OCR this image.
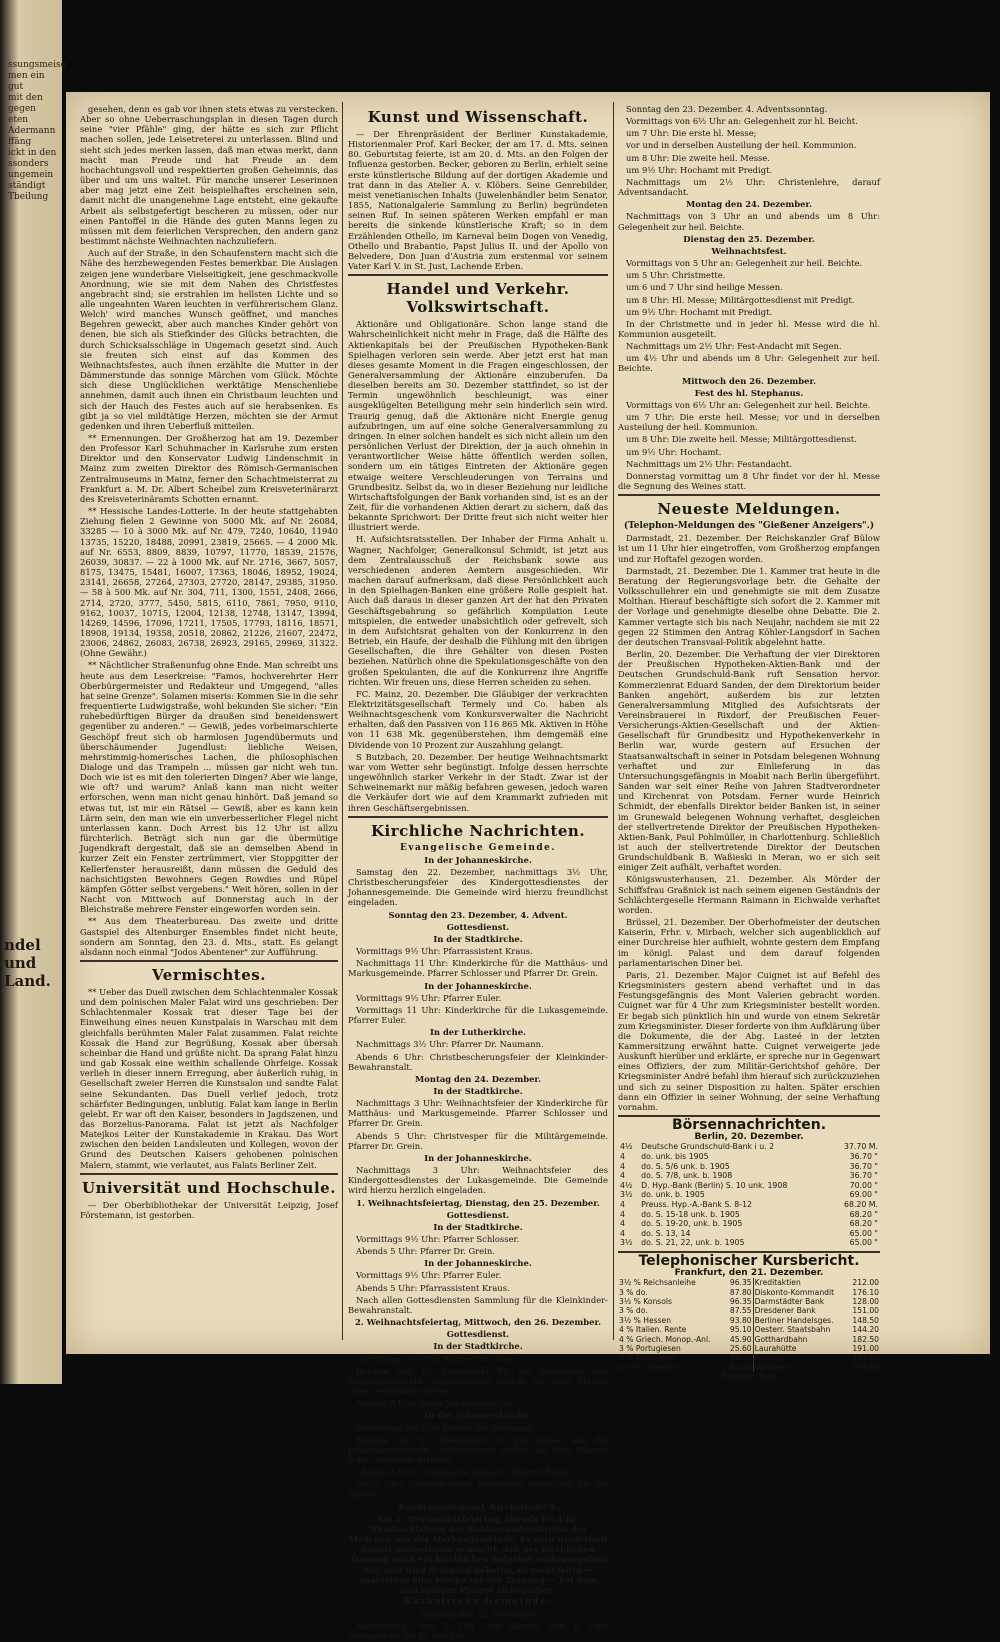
ssungsmeise
men ein
gut
mit den
gegen
eten
Adermann
ffäng
ickt in den
ssonders
ungemein
ständigt
Tbeilung
ndel und Land.

gesehen, denn es gab vor ihnen stets etwas zu verstecken. Aber so ohne Ueberraschungsplan in diesen Tagen durch seine "vier Pfähle" ging, der hätte es sich zur Pflicht machen sollen, jede Leisetreterei zu unterlassen. Blind und sieht sich jedes merken lassen, daß man etwas merkt, dann macht man Freude und hat Freude an dem hochachtungsvoll und respektierten großen Geheimnis, das über und um uns waltet. Für manche unserer Leserinnen aber mag jetzt eine Zeit beispielhaftes erscheinen sein, damit nicht die unangenehme Lage entsteht, eine gekaufte Arbeit als selbstgefertigt bescheren zu müssen, oder nur einen Pantoffel in die Hände des guten Manns legen zu müssen mit dem feierlichen Versprechen, den andern ganz bestimmt nächste Weihnachten nachzuliefern.

Auch auf der Straße, in den Schaufenstern macht sich die Nähe des herzbewegenden Festes bemerkbar. Die Auslagen zeigen jene wunderbare Vielseitigkeit, jene geschmackvolle Anordnung, wie sie mit dem Nahen des Christfestes angebracht sind; sie erstrahlen im hellsten Lichte und so alle ungeahnten Waren leuchten in verführerischem Glanz. Welch' wird manches Wunsch geöffnet, und manches Begehren geweckt, aber auch manches Kinder gehört von denen, bie sich als Stiefkinder des Glücks betrachten, die durch Schicksalsschläge in Ungemach gesetzt sind. Auch sie freuten sich einst auf das Kommen des Weihnachtsfestes, auch ihnen erzählte die Mutter in der Dämmerstunde das sonnige Märchen vom Glück. Möchte sich diese Unglücklichen werktätige Menschenliebe annehmen, damit auch ihnen ein Christbaum leuchten und sich der Hauch des Festes auch auf sie herabsenken. Es gibt ja so viel mildtätige Herzen, möchten sie der Armut gedenken und ihren Ueberfluß mitteilen.

** Ernennungen. Der Großherzog hat am 19. Dezember den Professor Karl Schuhmacher in Karlsruhe zum ersten Direktor und den Konservator Ludwig Lindenschmit in Mainz zum zweiten Direktor des Römisch-Germanischen Zentralmuseums in Mainz, ferner den Schachtmeisterrat zu Frankfurt a. M. Dr. Albert Scheibel zum Kreisveterinärarzt des Kreisveterinäramts Schotten ernannt.

** Hessische Landes-Lotterie. In der heute stattgehabten Ziehung fielen 2 Gewinne von 5000 Mk. auf Nr. 26084, 33285 — 10 à 3000 Mk. auf Nr. 479, 7240, 10640, 11940 13735, 15220, 18488, 20991, 23819, 25665. — 4 2000 Mk. auf Nr. 6553, 8809, 8839, 10797, 11770, 18539, 21576, 26039, 30837. — 22 à 1000 Mk. auf Nr. 2716, 3667, 5057, 8175, 13475, 15481, 16007, 17363, 18046, 18952, 19024, 23141, 26658, 27264, 27303, 27720, 28147, 29385, 31950. — 58 à 500 Mk. auf Nr. 304, 711, 1300, 1551, 2408, 2666, 2714, 2720, 3777, 5450, 5815, 6110, 7861, 7950, 9110, 9162, 10037, 10715, 12004, 12138, 12748, 13147, 13994, 14269, 14596, 17096, 17211, 17505, 17793, 18116, 18571, 18908, 19134, 19358, 20518, 20862, 21226, 21607, 22472, 23006, 24862, 26083, 26738, 26923, 29165, 29969, 31322. (Ohne Gewähr.)

** Nächtlicher Straßenunfug ohne Ende. Man schreibt uns heute aus dem Leserkreise: "Famos, hochverehrter Herr Oberbürgermeister und Redakteur und Umgegend, "alles hat seine Grenze". Solamen miseris: Kommen Sie in die sehr frequentierte Ludwigstraße, wohl bekunden Sie sicher: "Ein ruhebedürftigen Bürger da draußen sind beneidenswert gegenüber zu anderen." — Gewiß, jedes vorbeimarschierte Geschöpf freut sich ob harmlosen Jugendübermuts und überschäumender Jugendlust: liebliche Weisen, mehrstimmig-homerisches Lachen, die philosophischen Dialoge und das Trampeln ... müssen gar nicht weh tun. Doch wie ist es mit den tolerierten Dingen? Aber wie lange, wie oft? und warum? Anlaß kann man nicht weiter erforschen, wenn man nicht genau hinhört. Daß jemand so etwas tut, ist mir ein Rätsel — Gewiß, aber es kann kein Lärm sein, den man wie ein unverbesserlicher Flegel nicht unterlassen kann. Doch Arrest bis 12 Uhr ist allzu fürchterlich. Beträgt sich nun gar die übermütige Jugendkraft dergestalt, daß sie an demselben Abend in kurzer Zeit ein Fenster zertrümmert, vier Stoppgitter der Kellerfenster herausreißt, dann müssen die Geduld des nachsichtigsten Bewohners Gegen Rowdies und Rüpel kämpfen Götter selbst vergebens." Weit hören, sollen in der Nacht von Mittwoch auf Donnerstag auch in der Bleichstraße mehrere Fenster eingeworfen worden sein.

** Aus dem Theaterbureau. Das zweite und dritte Gastspiel des Altenburger Ensembles findet nicht heute, sondern am Sonntag, den 23. d. Mts., statt. Es gelangt alsdann noch einmal "Jodos Abentener" zur Aufführung.

Vermischtes.

** Ueber das Duell zwischen dem Schlachtenmaler Kossak und dem polnischen Maler Falat wird uns geschrieben: Der Schlachtenmaler Kossak trat dieser Tage bei der Einweihung eines neuen Kunstpalais in Warschau mit dem gleichfalls berühmten Maler Falat zusammen. Falat reichte Kossak die Hand zur Begrüßung, Kossak aber übersah scheinbar die Hand und grüßte nicht. Da sprang Falat hinzu und gab Kossak eine weithin schallende Ohrfeige. Kossak verlieh in dieser innern Erregung, aber äußerlich ruhig, in Gesellschaft zweier Herren die Kunstsalon und sandte Falat seine Sekundanten. Das Duell verlief jedoch, trotz schärfster Bedingungen, unblutig. Falat kam lange in Berlin gelebt. Er war oft den Kaiser, besonders in Jagdszenen, und das Borzelius-Panorama. Falat ist jetzt als Nachfolger Matejkos Leiter der Kunstakademie in Krakau. Das Wort zwischen den beiden Landsleuten und Kollegen, wovon der Grund des Deutschen Kaisers gehobenen polnischen Malern, stammt, wie verlautet, aus Falats Berliner Zeit.

Universität und Hochschule.

— Der Oberbibliothekar der Universität Leipzig, Josef Förstemann, ist gestorben.

Kunst und Wissenschaft.

— Der Ehrenpräsident der Berliner Kunstakademie, Historienmaler Prof. Karl Becker, der am 17. d. Mts. seinen 80. Geburtstag feierte, ist am 20. d. Mts. an den Folgen der Influenza gestorben. Becker, geboren zu Berlin, erhielt seine erste künstlerische Bildung auf der dortigen Akademie und trat dann in das Atelier A. v. Klöbers. Seine Genrebilder, meist venetianischen Inhalts (Juwelenhändler beim Senator, 1855, Nationalgalerie Sammlung zu Berlin) begründeten seinen Ruf. In seinen späteren Werken empfahl er man bereits die sinkende künstlerische Kraft; so in dem Erzählenden Othello, im Karneval beim Dogen von Venedig, Othello und Brabantio, Papst Julius II. und der Apollo von Belvedere, Don Juan d'Austria zum erstenmal vor seinem Vater Karl V. in St. Just, Lachende Erben.

Handel und Verkehr. Volkswirtschaft.

Aktionäre und Obligationäre. Schon lange stand die Wahrscheinlichkeit nicht mehr in Frage, daß die Hälfte des Aktienkapitals bei der Preußischen Hypotheken-Bank Spielhagen verloren sein werde. Aber jetzt erst hat man dieses gesamte Moment in die Fragen eingeschlossen, der Generalversammlung der Aktionäre einzuberufen. Da dieselben bereits am 30. Dezember stattfindet, so ist der Termin ungewöhnlich beschleunigt, was einer ausgeklügelten Beteiligung mehr sein hinderlich sein wird. Traurig genug, daß die Aktionäre nicht Energie genug aufzubringen, um auf eine solche Generalversammlung zu dringen. In einer solchen handelt es sich nicht allein um den persönlichen Verlust der Direktion, der ja auch ohnehin in verantwortlicher Weise hätte öffentlich werden sollen, sondern um ein tätiges Eintreten der Aktionäre gegen etwaige weitere Verschleuderungen von Terrains und Grundbesitz. Selbst da, wo in dieser Beziehung nur leidliche Wirtschaftsfolgungen der Bank vorhanden sind, ist es an der Zeit, für die vorhandenen Aktien derart zu sichern, daß das bekannte Sprichwort: Der Dritte freut sich nicht weiter hier illustriert werde.

H. Aufsichtsratsstellen. Der Inhaber der Firma Anhalt u. Wagner, Nachfolger, Generalkonsul Schmidt, ist jetzt aus dem Zentralausschuß der Reichsbank sowie aus verschiedenen anderen Aemtern ausgeschieden. Wir machen darauf aufmerksam, daß diese Persönlichkeit auch in den Spielhagen-Banken eine größere Rolle gespielt hat. Auch daß daraus in dieser ganzen Art der hat den Privaten Geschäftsgebahrung so gefährlich Kompilation Leute mitspielen, die entweder unabsichtlich oder gefrevelt, sich in dem Aufsichtsrat gehalten von der Konkurrenz in den Betrieb, ein Haufe, der deshalb die Fühlung mit den übrigen Gesellschaften, die ihre Gehälter von diesen Posten beziehen. Natürlich ohne die Spekulationsgeschäfte von den großen Spekulanten, die auf die Konkurrenz ihre Angriffe richten. Wir freuen uns, diese Herren scheiden zu sehen.

FC. Mainz, 20. Dezember. Die Gläubiger der verkrachten Elektrizitätsgesellschaft Termely und Co. haben als Weihnachtsgeschenk vom Konkursverwalter die Nachricht erhalten, daß den Passiven von 116 865 Mk. Aktiven in Höhe von 11 638 Mk. gegenüberstehen, ihm demgemäß eine Dividende von 10 Prozent zur Auszahlung gelangt.

S Butzbach, 20. Dezember. Der heutige Weihnachtsmarkt war vom Wetter sehr begünstigt. Infolge dessen herrschte ungewöhnlich starker Verkehr in der Stadt. Zwar ist der Schweinemarkt nur mäßig befahren gewesen, jedoch waren die Verkäufer dort wie auf dem Krammarkt zufrieden mit ihren Geschäftsergebnissen.

Kirchliche Nachrichten.
Evangelische Gemeinde.

In der Johanneskirche.

Samstag den 22. Dezember, nachmittags 3½ Uhr, Christbescherungsfeier des Kindergottesdienstes der Johannesgemeinde. Die Gemeinde wird hierzu freundlichst eingeladen.

Sonntag den 23. Dezember, 4. Advent.

Gottesdienst.

In der Stadtkirche.

Vormittags 9½ Uhr: Pfarrassistent Kraus.

Nachmittags 11 Uhr: Kinderkirche für die Matthäus- und Markusgemeinde. Pfarrer Schlosser und Pfarrer Dr. Grein.

In der Johanneskirche.

Vormittags 9½ Uhr: Pfarrer Euler.

Vormittags 11 Uhr: Kinderkirche für die Lukasgemeinde. Pfarrer Euler.

In der Lutherkirche.

Nachmittags 3½ Uhr: Pfarrer Dr. Naumann.

Abends 6 Uhr: Christbescherungsfeier der Kleinkinder-Bewahranstalt.

Montag den 24. Dezember.

In der Stadtkirche.

Nachmittags 3 Uhr: Weihnachtsfeier der Kinderkirche für Matthäus- und Markusgemeinde. Pfarrer Schlosser und Pfarrer Dr. Grein.

Abends 5 Uhr: Christvesper für die Militärgemeinde. Pfarrer Dr. Grein.

In der Johanneskirche.

Nachmittags 3 Uhr: Weihnachtsfeier des Kindergottesdienstes der Lukasgemeinde. Die Gemeinde wird hierzu herzlich eingeladen.

1. Weihnachtsfeiertag, Dienstag, den 25. Dezember.

Gottesdienst.

In der Stadtkirche.

Vormittags 9½ Uhr: Pfarrer Schlosser.

Abends 5 Uhr: Pfarrer Dr. Grein.

In der Johanneskirche.

Vormittags 9½ Uhr: Pfarrer Euler.

Abends 5 Uhr: Pfarrassistent Kraus.

Nach allen Gottesdiensten Sammlung für die Kleinkinder-Bewahranstalt.

2. Weihnachtsfeiertag, Mittwoch, den 26. Dezember.

Gottesdienst.

In der Stadtkirche.

Vormittags 9½ Uhr: Pfarrer Dr. Grein.

Beichte und hl. Abendmahl für die Matthäus- und Markusgemeinde. Anmeldungen vorher bei dem Pfarrer jeder Gemeinde erbeten.

Abends 5 Uhr: Siehe Johanneskirche.

In der Johanneskirche.

Vormittags 9½ Uhr: Pfarrer Dr. Naumann.

Beichte und hl. Abendmahl für die Lukas- und die Johannesgemeinde. Anmeldungen vorher bei dem Pfarrer jeder Gemeinde erbeten.

Abends 5 Uhr: Liturgische Andacht. Pfarrer Euler.

Nach allen Gottesdiensten besondere Sammlung für die Armen.

Konfirmandensaal, Kirchstraße 9.

Am 2. Weihnachtsfeiertag, abends 6½ Uhr, Weihnachtsfeier des Konfirmandenvereins der Mädchen aus der Markusgemeinde. Es wird wiederholt darauf aufmerksam gemacht, daß der kirchlichen Trauung auch ein kirchliches Aufgebot vorherzugehen hat, und wird dringend gebeten, es rechtzeitig — spätestens eine Woche vor der Trauung — bei dem zuständigen Pfarrer zu bestellen.

Katholische Gemeinde.

Samstag den 22. Dezember

Nachmittags von 3 Uhr und abends von 8 Uhr: Gelegenheit zur hl. Beichte.

Sonntag den 23. Dezember. 4. Adventssonntag.

Vormittags von 6½ Uhr an: Gelegenheit zur hl. Beicht.

um 7 Uhr: Die erste hl. Messe;

vor und in derselben Austeilung der heil. Kommunion.

um 8 Uhr: Die zweite heil. Messe.

um 9½ Uhr: Hochamt mit Predigt.

Nachmittags um 2½ Uhr: Christenlehre, darauf Adventsandacht.

Montag den 24. Dezember.

Nachmittags von 3 Uhr an und abends um 8 Uhr: Gelegenheit zur heil. Beichte.

Dienstag den 25. Dezember.

Weihnachtsfest.

Vormittags von 5 Uhr an: Gelegenheit zur heil. Beichte.

um 5 Uhr: Christmette.

um 6 und 7 Uhr sind heilige Messen.

um 8 Uhr: Hl. Messe; Militärgottesdienst mit Predigt.

um 9½ Uhr: Hochamt mit Predigt.

In der Christmette und in jeder hl. Messe wird die hl. Kommunion ausgeteilt.

Nachmittags um 2½ Uhr: Fest-Andacht mit Segen.

um 4½ Uhr und abends um 8 Uhr: Gelegenheit zur heil. Beichte.

Mittwoch den 26. Dezember.

Fest des hl. Stephanus.

Vormittags von 6½ Uhr an: Gelegenheit zur heil. Beichte.

um 7 Uhr: Die erste heil. Messe; vor und in derselben Austeilung der heil. Kommunion.

um 8 Uhr: Die zweite heil. Messe; Militärgottesdienst.

um 9½ Uhr: Hochamt.

Nachmittags um 2½ Uhr: Festandacht.

Donnerstag vormittag um 8 Uhr findet vor der hl. Messe die Segnung des Weines statt.

Neueste Meldungen.
(Telephon-Meldungen des "Gießener Anzeigers".)

Darmstadt, 21. Dezember. Der Reichskanzler Graf Bülow ist um 11 Uhr hier eingetroffen, vom Großherzog empfangen und zur Hoftafel gezogen worden.

Darmstadt, 21. Dezember. Die 1. Kammer trat heute in die Beratung der Regierungsvorlage betr. die Gehalte der Volksschullehrer ein und genehmigte sie mit dem Zusatze Molthan. Hierauf beschäftigte sich sofort die 2. Kammer mit der Vorlage und genehmigte dieselbe ohne Debatte. Die 2. Kammer vertagte sich bis nach Neujahr, nachdem sie mit 22 gegen 22 Stimmen den Antrag Köhler-Langsdorf in Sachen der deutschen Transvaal-Politik abgelehnt hatte.

Berlin, 20. Dezember. Die Verhaftung der vier Direktoren der Preußischen Hypotheken-Aktien-Bank und der Deutschen Grundschuld-Bank ruft Sensation hervor. Kommerzienrat Eduard Sanden, der dem Direktorium beider Banken angehört, außerdem bis zur letzten Generalversammlung Mitglied des Aufsichtsrats der Vereinsbrauerei in Rixdorf, der Preußischen Feuer-Versicherungs-Aktien-Gesellschaft und der Aktien-Gesellschaft für Grundbesitz und Hypothekenverkehr in Berlin war, wurde gestern auf Ersuchen der Staatsanwaltschaft in seiner in Potsdam belegenen Wohnung verhaftet und zur Einlieferung in das Untersuchungsgefängnis in Moabit nach Berlin übergeführt. Sanden war seit einer Reihe von Jahren Stadtverordneter und Kirchenrat von Potsdam. Ferner wurde Heinrich Schmidt, der ebenfalls Direktor beider Banken ist, in seiner im Grunewald belegenen Wohnung verhaftet, desgleichen der stellvertretende Direktor der Preußischen Hypotheken-Aktien-Bank, Paul Pohlmüller, in Charlottenburg. Schließlich ist auch der stellvertretende Direktor der Deutschen Grundschuldbank B. Waßieski in Meran, wo er sich seit einiger Zeit aufhält, verhaftet worden.

Königswusterhausen, 21. Dezember. Als Mörder der Schiffsfrau Graßnick ist nach seinem eigenen Geständnis der Schlächtergeselle Hermann Raimann in Eichwalde verhaftet worden.

Brüssel, 21. Dezember. Der Oberhofmeister der deutschen Kaiserin, Frhr. v. Mirbach, welcher sich augenblicklich auf einer Durchreise hier aufhielt, wohnte gestern dem Empfang im königl. Palast und dem darauf folgenden parlamentarischen Diner bei.

Paris, 21. Dezember. Major Cuignet ist auf Befehl des Kriegsministers gestern abend verhaftet und in das Festungsgefängnis des Mont Valerien gebracht worden. Cuignet war für 4 Uhr zum Kriegsminister bestellt worden. Er begab sich pünktlich hin und wurde von einem Sekretär zum Kriegsminister. Dieser forderte von ihm Aufklärung über die Dokumente, die der Abg. Lasteé in der letzten Kammersitzung erwähnt hatte. Cuignet verweigerte jede Auskunft hierüber und erklärte, er spreche nur in Gegenwart eines Offiziers, der zum Militär-Gerichtshof gehöre. Der Kriegsminister André befahl ihm hierauf sich zurückzuziehen und sich zu seiner Disposition zu halten. Später erschien dann ein Offizier in seiner Wohnung, der seine Verhaftung vornahm.

Börsennachrichten.
Berlin, 20. Dezember.
4½	Deutsche Grundschuld-Bank i u. 2	37.70 M.
4	do. unk. bis 1905	36.70 "
4	do. S. 5/6 unk. b. 1905	36.70 "
4	do. S. 7/8, unk. b. 1908	36.70 "
4½	D. Hyp.-Bank (Berlin) S. 10 unk. 1908	70.00 "
3½	do. unk. b. 1905	69.00 "
4	Preuss. Hyp.-A.-Bank S. 8-12	68.20 M.
4	do. S. 15-18 unk. b. 1905	68.20 "
4	do. S. 19-20, unk. b. 1905	68.20 "
4	do. S. 13, 14	65.00 "
3½	do. S. 21, 22, unk. b. 1905	65.00 "
Telephonischer Kursbericht.
Frankfurt, den 21. Dezember.
3½ % Reichsanleihe	96.35	Kreditaktien	212.00
3 % do.	87.80	Diskonto-Kommandit	176.10
3½ % Konsols	96.35	Darmstädter Bank	128.00
3 % do.	87.55	Dresdener Bank	151.00
3½ % Hessen	93.80	Berliner Handelsges.	148.50
4 % Italien. Rente	95.10	Oesterr. Staatsbahn	144.20
4 % Griech. Monop.-Anl.	45.90	Gotthardbahn	182.50
3 % Portugiesen	25.60	Laurahütte	191.00
3 % Mexikaner	29.30	Bochum	173.60
4½ % Chinesen	86.40	Harpener	170.80
Tendenz: fest.
